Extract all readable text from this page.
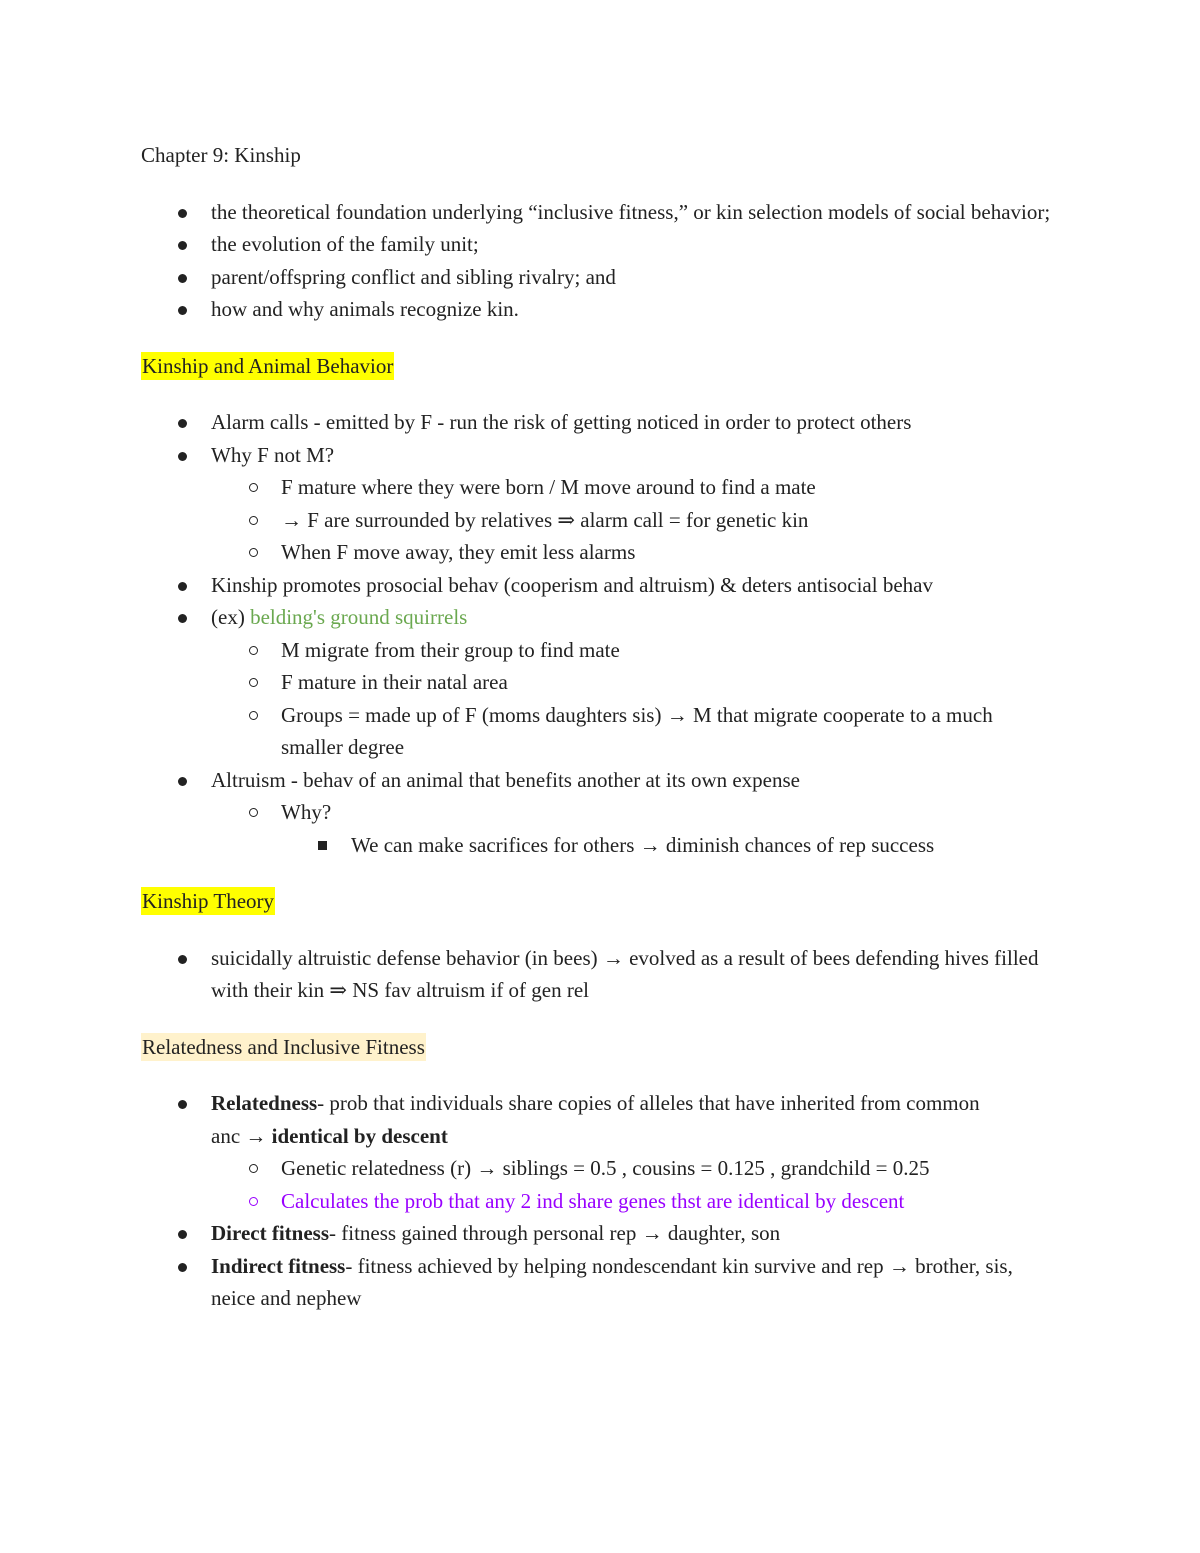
Chapter 9: Kinship

the theoretical foundation underlying “inclusive fitness,” or kin selection models of social behavior;
the evolution of the family unit;
parent/offspring conflict and sibling rivalry; and
how and why animals recognize kin.

Kinship and Animal Behavior

Alarm calls - emitted by F - run the risk of getting noticed in order to protect others
Why F not M?
F mature where they were born / M move around to find a mate
→ F are surrounded by relatives ⇒ alarm call = for genetic kin
When F move away, they emit less alarms
Kinship promotes prosocial behav (cooperism and altruism) & deters antisocial behav
(ex) belding's ground squirrels
M migrate from their group to find mate
F mature in their natal area
Groups = made up of F (moms daughters sis) → M that migrate cooperate to a much smaller degree
Altruism - behav of an animal that benefits another at its own expense
Why?
We can make sacrifices for others → diminish chances of rep success

Kinship Theory

suicidally altruistic defense behavior (in bees) → evolved as a result of bees defending hives filled with their kin ⇒ NS fav altruism if of gen rel

Relatedness and Inclusive Fitness

Relatedness- prob that individuals share copies of alleles that have inherited from common anc → identical by descent
Genetic relatedness (r) → siblings = 0.5 , cousins = 0.125 , grandchild = 0.25
Calculates the prob that any 2 ind share genes thst are identical by descent
Direct fitness- fitness gained through personal rep → daughter, son
Indirect fitness- fitness achieved by helping nondescendant kin survive and rep → brother, sis, neice and nephew
